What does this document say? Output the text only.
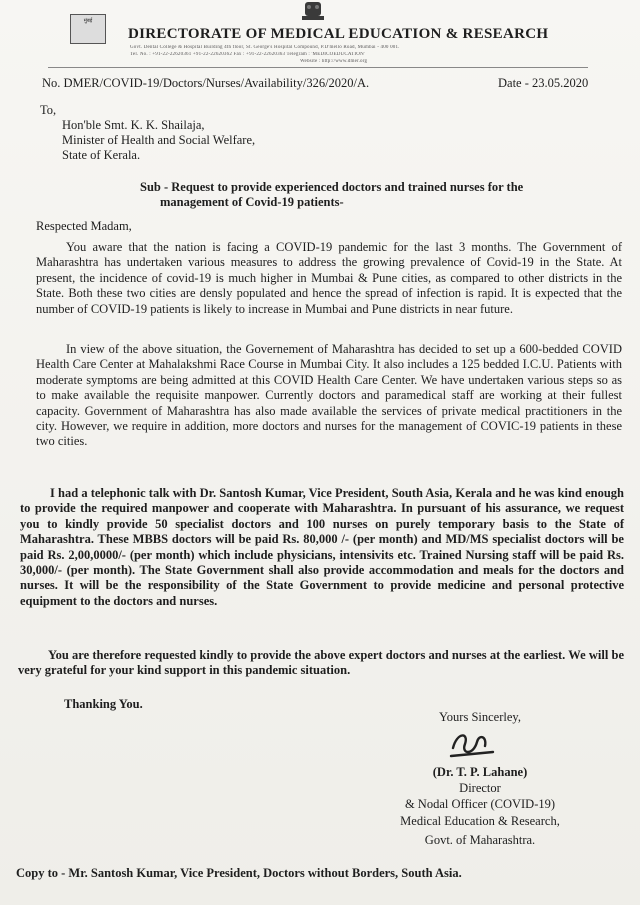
मुंबई
DIRECTORATE OF MEDICAL EDUCATION & RESEARCH
Govt. Dental College & Hospital Building 4th floor, St. George's Hospital Compound, P.D'mello Road, Mumbai - 400 001.
Tel. No. : +91-22-22620361 +91-22-22620362 Fax : +91-22-22620363 Telegram : 'MEDICOEDUCATION'
Website : http://www.dmer.org
No. DMER/COVID-19/Doctors/Nurses/Availability/326/2020/A.	Date - 23.05.2020
To,
Hon'ble Smt. K. K. Shailaja,
Minister of Health and Social Welfare,
State of Kerala.
Sub - Request to provide experienced doctors and trained nurses for the
management of Covid-19 patients-
Respected Madam,

You aware that the nation is facing a COVID-19 pandemic for the last 3 months. The Government of Maharashtra has undertaken various measures to address the growing prevalence of Covid-19 in the State. At present, the incidence of covid-19 is much higher in Mumbai & Pune cities, as compared to other districts in the State. Both these two cities are densly populated and hence the spread of infection is rapid. It is expected that the number of COVID-19 patients is likely to increase in Mumbai and Pune districts in near future.

In view of the above situation, the Governement of Maharashtra has decided to set up a 600-bedded COVID Health Care Center at Mahalakshmi Race Course in Mumbai City. It also includes a 125 bedded I.C.U. Patients with moderate symptoms are being admitted at this COVID Health Care Center. We have undertaken various steps so as to make available the requisite manpower. Currently doctors and paramedical staff are working at their fullest capacity. Government of Maharashtra has also made available the services of private medical practitioners in the city. However, we require in addition, more doctors and nurses for the management of COVIC-19 patients in these two cities.

I had a telephonic talk with Dr. Santosh Kumar, Vice President, South Asia, Kerala and he was kind enough to provide the required manpower and cooperate with Maharashtra. In pursuant of his assurance, we request you to kindly provide 50 specialist doctors and 100 nurses on purely temporary basis to the State of Maharashtra. These MBBS doctors will be paid Rs. 80,000 /- (per month) and MD/MS specialist doctors will be paid Rs. 2,00,0000/- (per month) which include physicians, intensivits etc. Trained Nursing staff will be paid Rs. 30,000/- (per month). The State Government shall also provide accommodation and meals for the doctors and nurses. It will be the responsibility of the State Government to provide medicine and personal protective equipment to the doctors and nurses.

You are therefore requested kindly to provide the above expert doctors and nurses at the earliest. We will be very grateful for your kind support in this pandemic situation.

Thanking You.
Yours Sincerley,
(Dr. T. P. Lahane)
Director
& Nodal Officer (COVID-19)
Medical Education & Research,
Govt. of Maharashtra.
Copy to - Mr. Santosh Kumar, Vice President, Doctors without Borders, South Asia.
